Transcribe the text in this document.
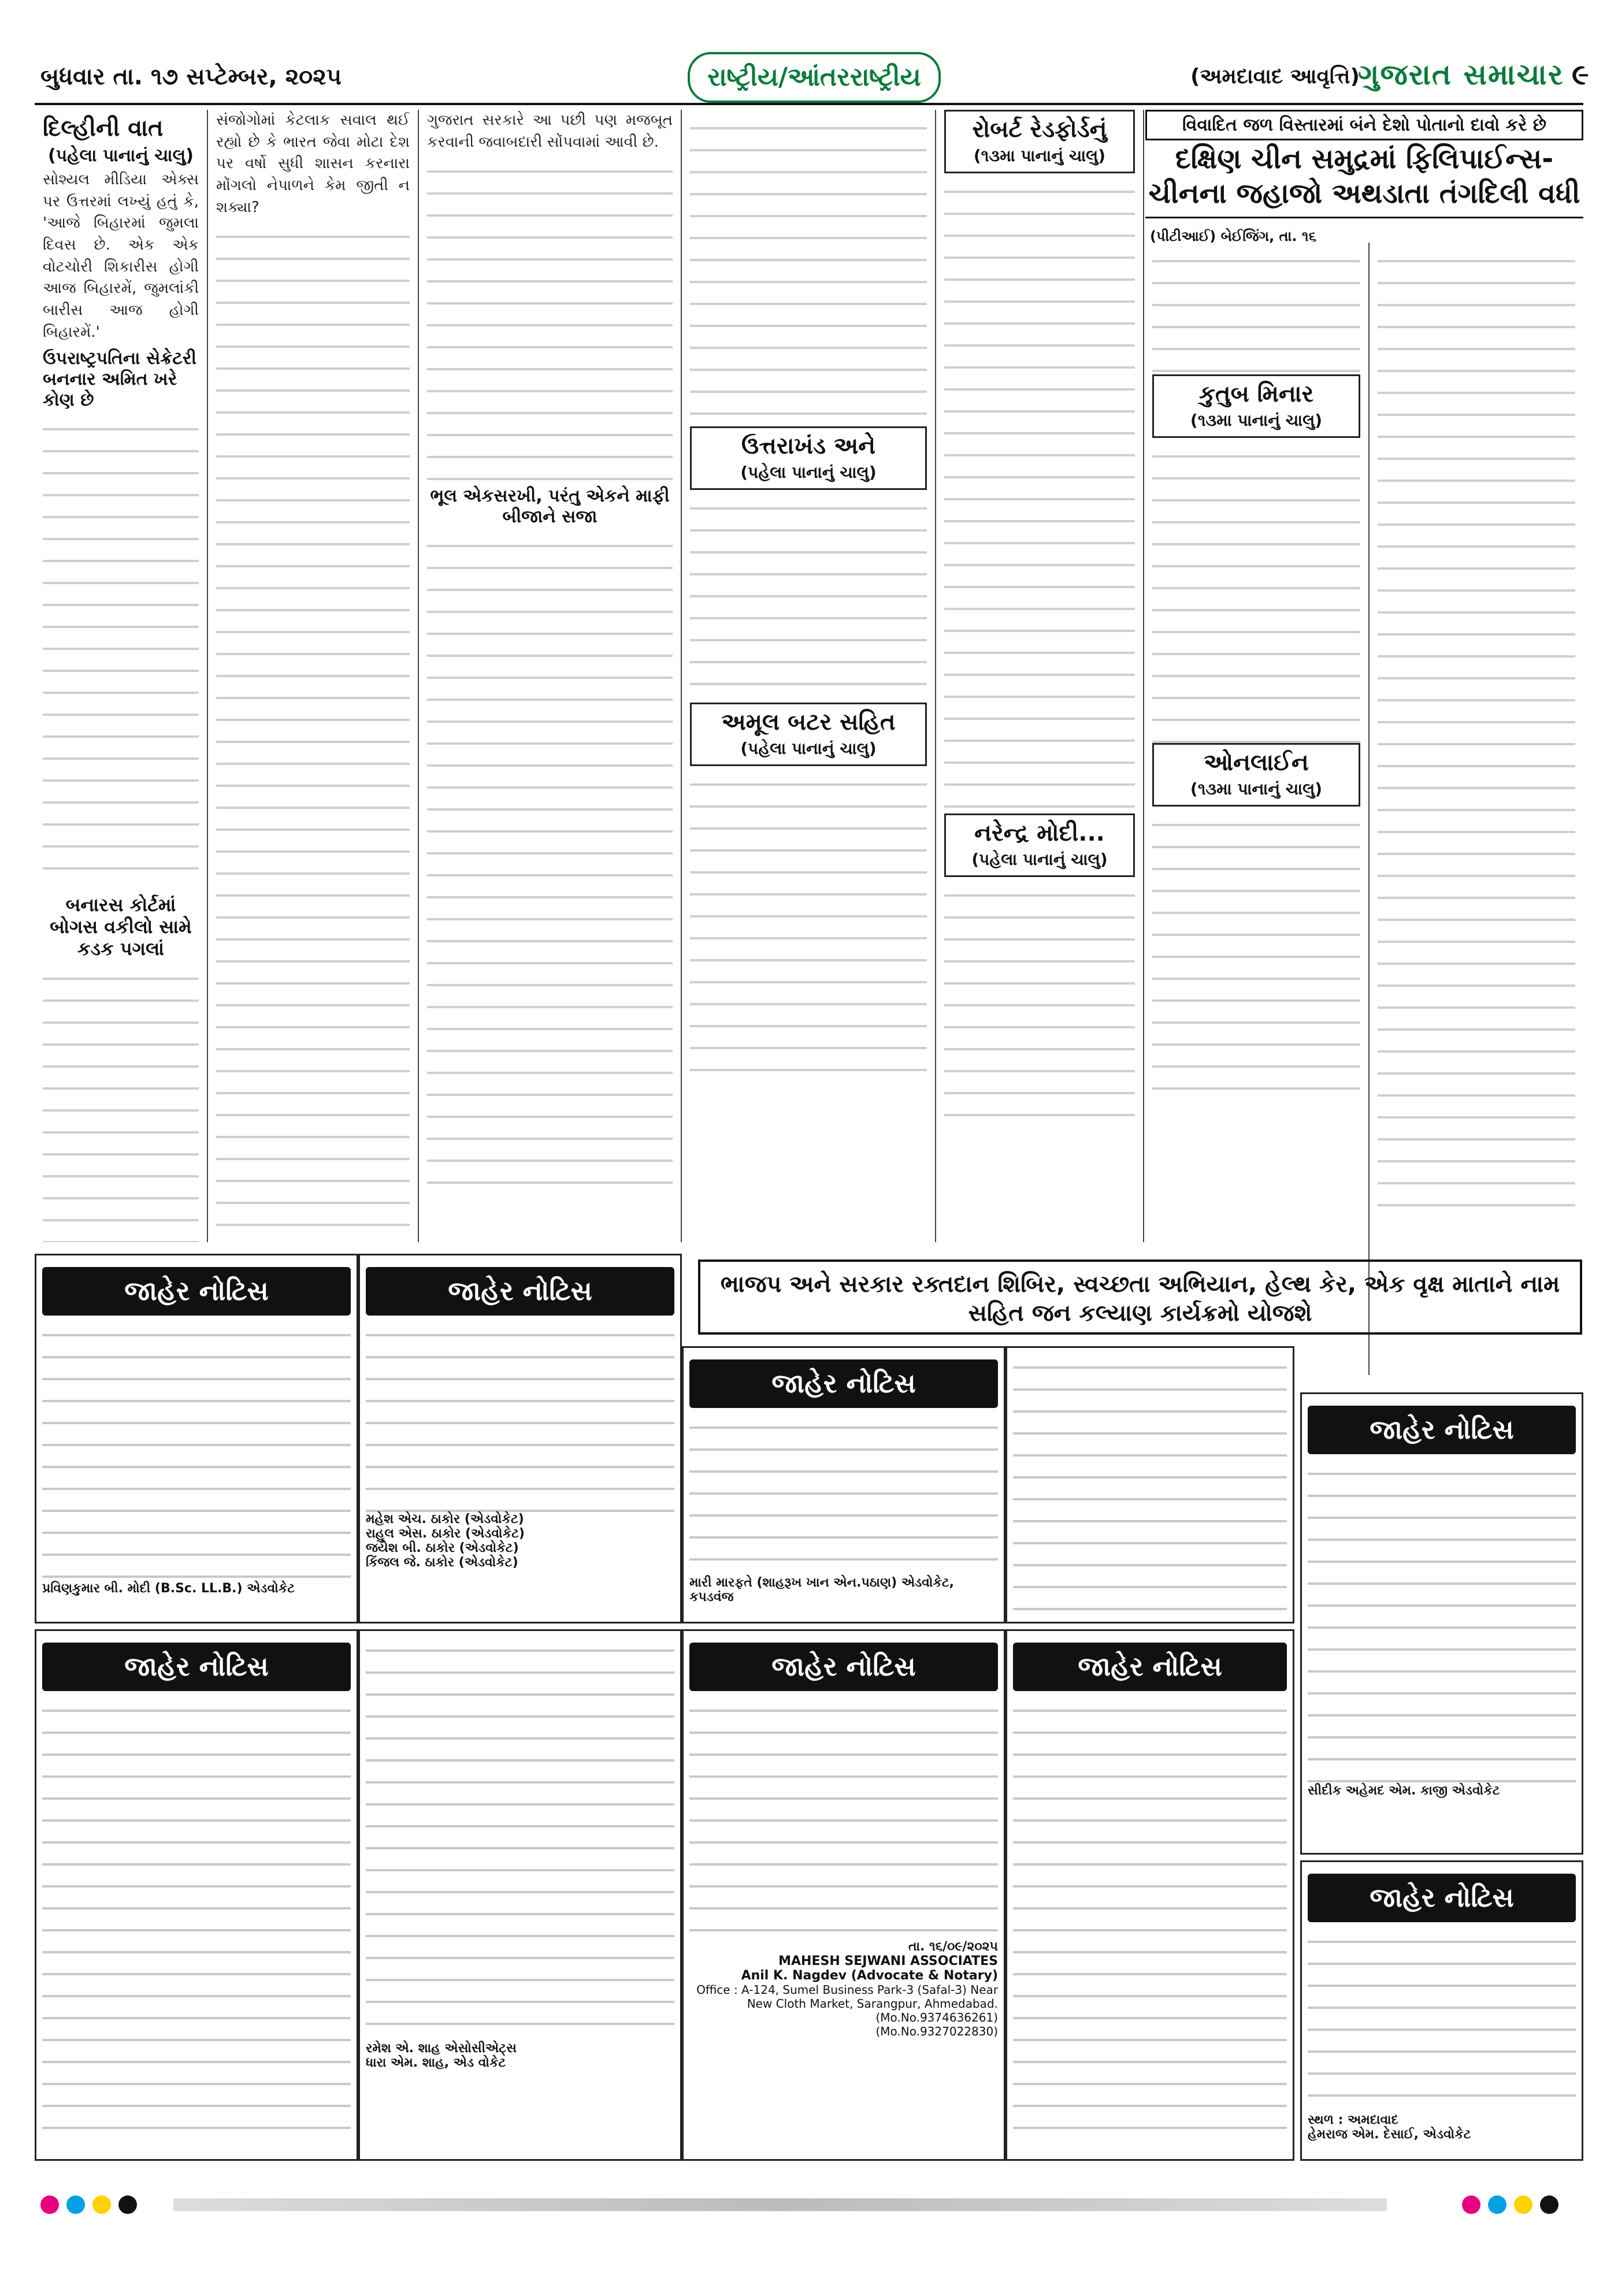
બુધવાર તા. ૧૭ સપ્ટેમ્બર, ૨૦૨૫	રાષ્ટ્રીય/આંતરરાષ્ટ્રીય	(અમદાવાદ આવૃત્તિ)
ગુજરાત સમાચાર ૯
દિલ્હીની વાત
(પહેલા પાનાનું ચાલુ)
સોશ્યલ મીડિયા એક્સ પર ઉત્તરમાં લખ્યું હતું કે, 'આજે બિહારમાં જુમલા દિવસ છે. એક એક વોટચોરી શિકારીસ હોગી આજ બિહારમેં, જુમલાંકી બારીસ આજ હોગી બિહારમેં.'
ઉપરાષ્ટ્રપતિના સેક્રેટરી બનનાર અમિત ખરે કોણ છે
બનારસ કોર્ટમાં બોગસ વકીલો સામે કડક પગલાં
સંજોગોમાં કેટલાક સવાલ થઈ રહ્યો છે કે ભારત જેવા મોટા દેશ પર વર્ષો સુધી શાસન કરનારા મોંગલો નેપાળને કેમ જીતી ન શક્યા?
ગુજરાત સરકારે આ પછી પણ મજબૂત કરવાની જવાબદારી સોંપવામાં આવી છે.
ભૂલ એકસરખી, પરંતુ એકને માફી બીજાને સજા
ઉત્તરાખંડ અને
(પહેલા પાનાનું ચાલુ)
અમૂલ બટર સહિત
(પહેલા પાનાનું ચાલુ)
રોબર્ટ રેડફોર્ડનું
(૧૩મા પાનાનું ચાલુ)
નરેન્દ્ર મોદી...
(પહેલા પાનાનું ચાલુ)
કુતુબ મિનાર
(૧૩મા પાનાનું ચાલુ)
ઓનલાઈન
(૧૩મા પાનાનું ચાલુ)
વિવાદિત જળ વિસ્તારમાં બંને દેશો પોતાનો દાવો કરે છે
દક્ષિણ ચીન સમુદ્રમાં ફિલિપાઈન્સ-ચીનના જહાજો અથડાતા તંગદિલી વધી
(પીટીઆઈ) બેઈજિંગ, તા. ૧૬
ભાજપ અને સરકાર રક્તદાન શિબિર, સ્વચ્છતા અભિયાન, હેલ્થ કેર, એક વૃક્ષ માતાને નામ સહિત જન કલ્યાણ કાર્યક્રમો યોજશે
જાહેર નોટિસ
પ્રવિણકુમાર બી. મોદી (B.Sc. LL.B.) એડવોકેટ
જાહેર નોટિસ
મહેશ એચ. ઠાકોર (એડવોકેટ)
રાહુલ એસ. ઠાકોર (એડવોકેટ)
જયેશ બી. ઠાકોર (એડવોકેટ)
કિંજલ જે. ઠાકોર (એડવોકેટ)
જાહેર નોટિસ
મારી મારફતે (શાહરૂખ ખાન એન.પઠાણ) એડવોકેટ, કપડવંજ
જાહેર નોટિસ
સીદીક અહેમદ એમ. કાજી એડવોકેટ
જાહેર નોટિસ
રમેશ એ. શાહ એસોસીએટ્સ
ધારા એમ. શાહ, એડ વોકેટ
જાહેર નોટિસ
તા. ૧૬/૦૯/૨૦૨૫
MAHESH SEJWANI ASSOCIATES
Anil K. Nagdev (Advocate & Notary)
Office : A-124, Sumel Business Park-3 (Safal-3) Near New Cloth Market, Sarangpur, Ahmedabad.
(Mo.No.9374636261)
(Mo.No.9327022830)
જાહેર નોટિસ
જાહેર નોટિસ
સ્થળ : અમદાવાદ
હેમરાજ એમ. દેસાઈ, એડવોકેટ
